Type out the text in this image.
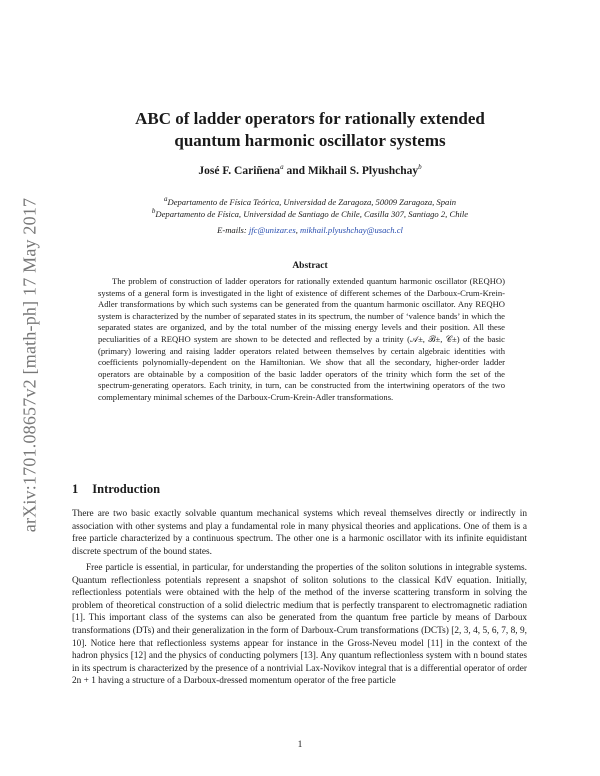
arXiv:1701.08657v2 [math-ph] 17 May 2017
ABC of ladder operators for rationally extended
quantum harmonic oscillator systems
José F. Cariñena$^a$ and Mikhail S. Plyushchay$^b$
$^a$Departamento de Física Teórica, Universidad de Zaragoza, 50009 Zaragoza, Spain
$^b$Departamento de Física, Universidad de Santiago de Chile, Casilla 307, Santiago 2, Chile
E-mails: jfc@unizar.es, mikhail.plyushchay@usach.cl
Abstract
The problem of construction of ladder operators for rationally extended quantum harmonic oscillator (REQHO) systems of a general form is investigated in the light of existence of different schemes of the Darboux-Crum-Krein-Adler transformations by which such systems can be generated from the quantum harmonic oscillator. Any REQHO system is characterized by the number of separated states in its spectrum, the number of ‘valence bands’ in which the separated states are organized, and by the total number of the missing energy levels and their position. All these peculiarities of a REQHO system are shown to be detected and reflected by a trinity (𝒜±, ℬ±, 𝒞±) of the basic (primary) lowering and raising ladder operators related between themselves by certain algebraic identities with coefficients polynomially-dependent on the Hamiltonian. We show that all the secondary, higher-order ladder operators are obtainable by a composition of the basic ladder operators of the trinity which form the set of the spectrum-generating operators. Each trinity, in turn, can be constructed from the intertwining operators of the two complementary minimal schemes of the Darboux-Crum-Krein-Adler transformations.
1 Introduction
There are two basic exactly solvable quantum mechanical systems which reveal themselves directly or indirectly in association with other systems and play a fundamental role in many physical theories and applications. One of them is a free particle characterized by a continuous spectrum. The other one is a harmonic oscillator with its infinite equidistant discrete spectrum of the bound states.
Free particle is essential, in particular, for understanding the properties of the soliton solutions in integrable systems. Quantum reflectionless potentials represent a snapshot of soliton solutions to the classical KdV equation. Initially, reflectionless potentials were obtained with the help of the method of the inverse scattering transform in solving the problem of theoretical construction of a solid dielectric medium that is perfectly transparent to electromagnetic radiation [1]. This important class of the systems can also be generated from the quantum free particle by means of Darboux transformations (DTs) and their generalization in the form of Darboux-Crum transformations (DCTs) [2, 3, 4, 5, 6, 7, 8, 9, 10]. Notice here that reflectionless systems appear for instance in the Gross-Neveu model [11] in the context of the hadron physics [12] and the physics of conducting polymers [13]. Any quantum reflectionless system with n bound states in its spectrum is characterized by the presence of a nontrivial Lax-Novikov integral that is a differential operator of order 2n + 1 having a structure of a Darboux-dressed momentum operator of the free particle
1
